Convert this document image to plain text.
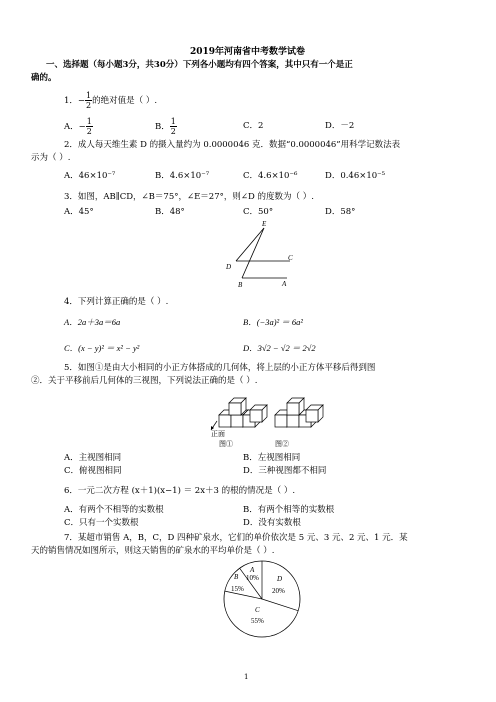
2019年河南省中考数学试卷
一、选择题（每小题3分，共30分）下列各小题均有四个答案，其中只有一个是正
确的。
1．− $\frac{1}{2}$ 的绝对值是（ ）.
A．− $\frac{1}{2}$	B． $\frac{1}{2}$	C．2	D．－2
2．成人每天维生素 D 的摄入量约为 0.0000046 克．数据“0.0000046”用科学记数法表
示为（ ）.
A．46×10⁻⁷	B．4.6×10⁻⁷	C．4.6×10⁻⁶	D．0.46×10⁻⁵
3．如图，AB∥CD，∠B＝75°，∠E＝27°，则∠D 的度数为（ ）.
A．45°	B．48°	C．50°	D．58°
E
D
C
B	A
4．下列计算正确的是（ ）.
A．2a＋3a＝6a	B．(−3a)² ＝ 6a²
C．(x − y)² ＝ x² − y²	D．3√2 − √2 ＝ 2√2
5．如图①是由大小相同的小正方体搭成的几何体，将上层的小正方体平移后得到图
②．关于平移前后几何体的三视图，下列说法正确的是（ ）.
正面
图①	图②
A．主视图相同	B．左视图相同
C．俯视图相同	D．三种视图都不相同
6．一元二次方程 (x＋1)(x−1) ＝ 2x＋3 的根的情况是（ ）.
A．有两个不相等的实数根	B．有两个相等的实数根
C．只有一个实数根	D．没有实数根
7．某超市销售 A，B，C，D 四种矿泉水，它们的单价依次是 5 元、3 元、2 元、1 元．某
天的销售情况如图所示，则这天销售的矿泉水的平均单价是（ ）.
A
10%
B
15%
D
20%
C
55%
1
